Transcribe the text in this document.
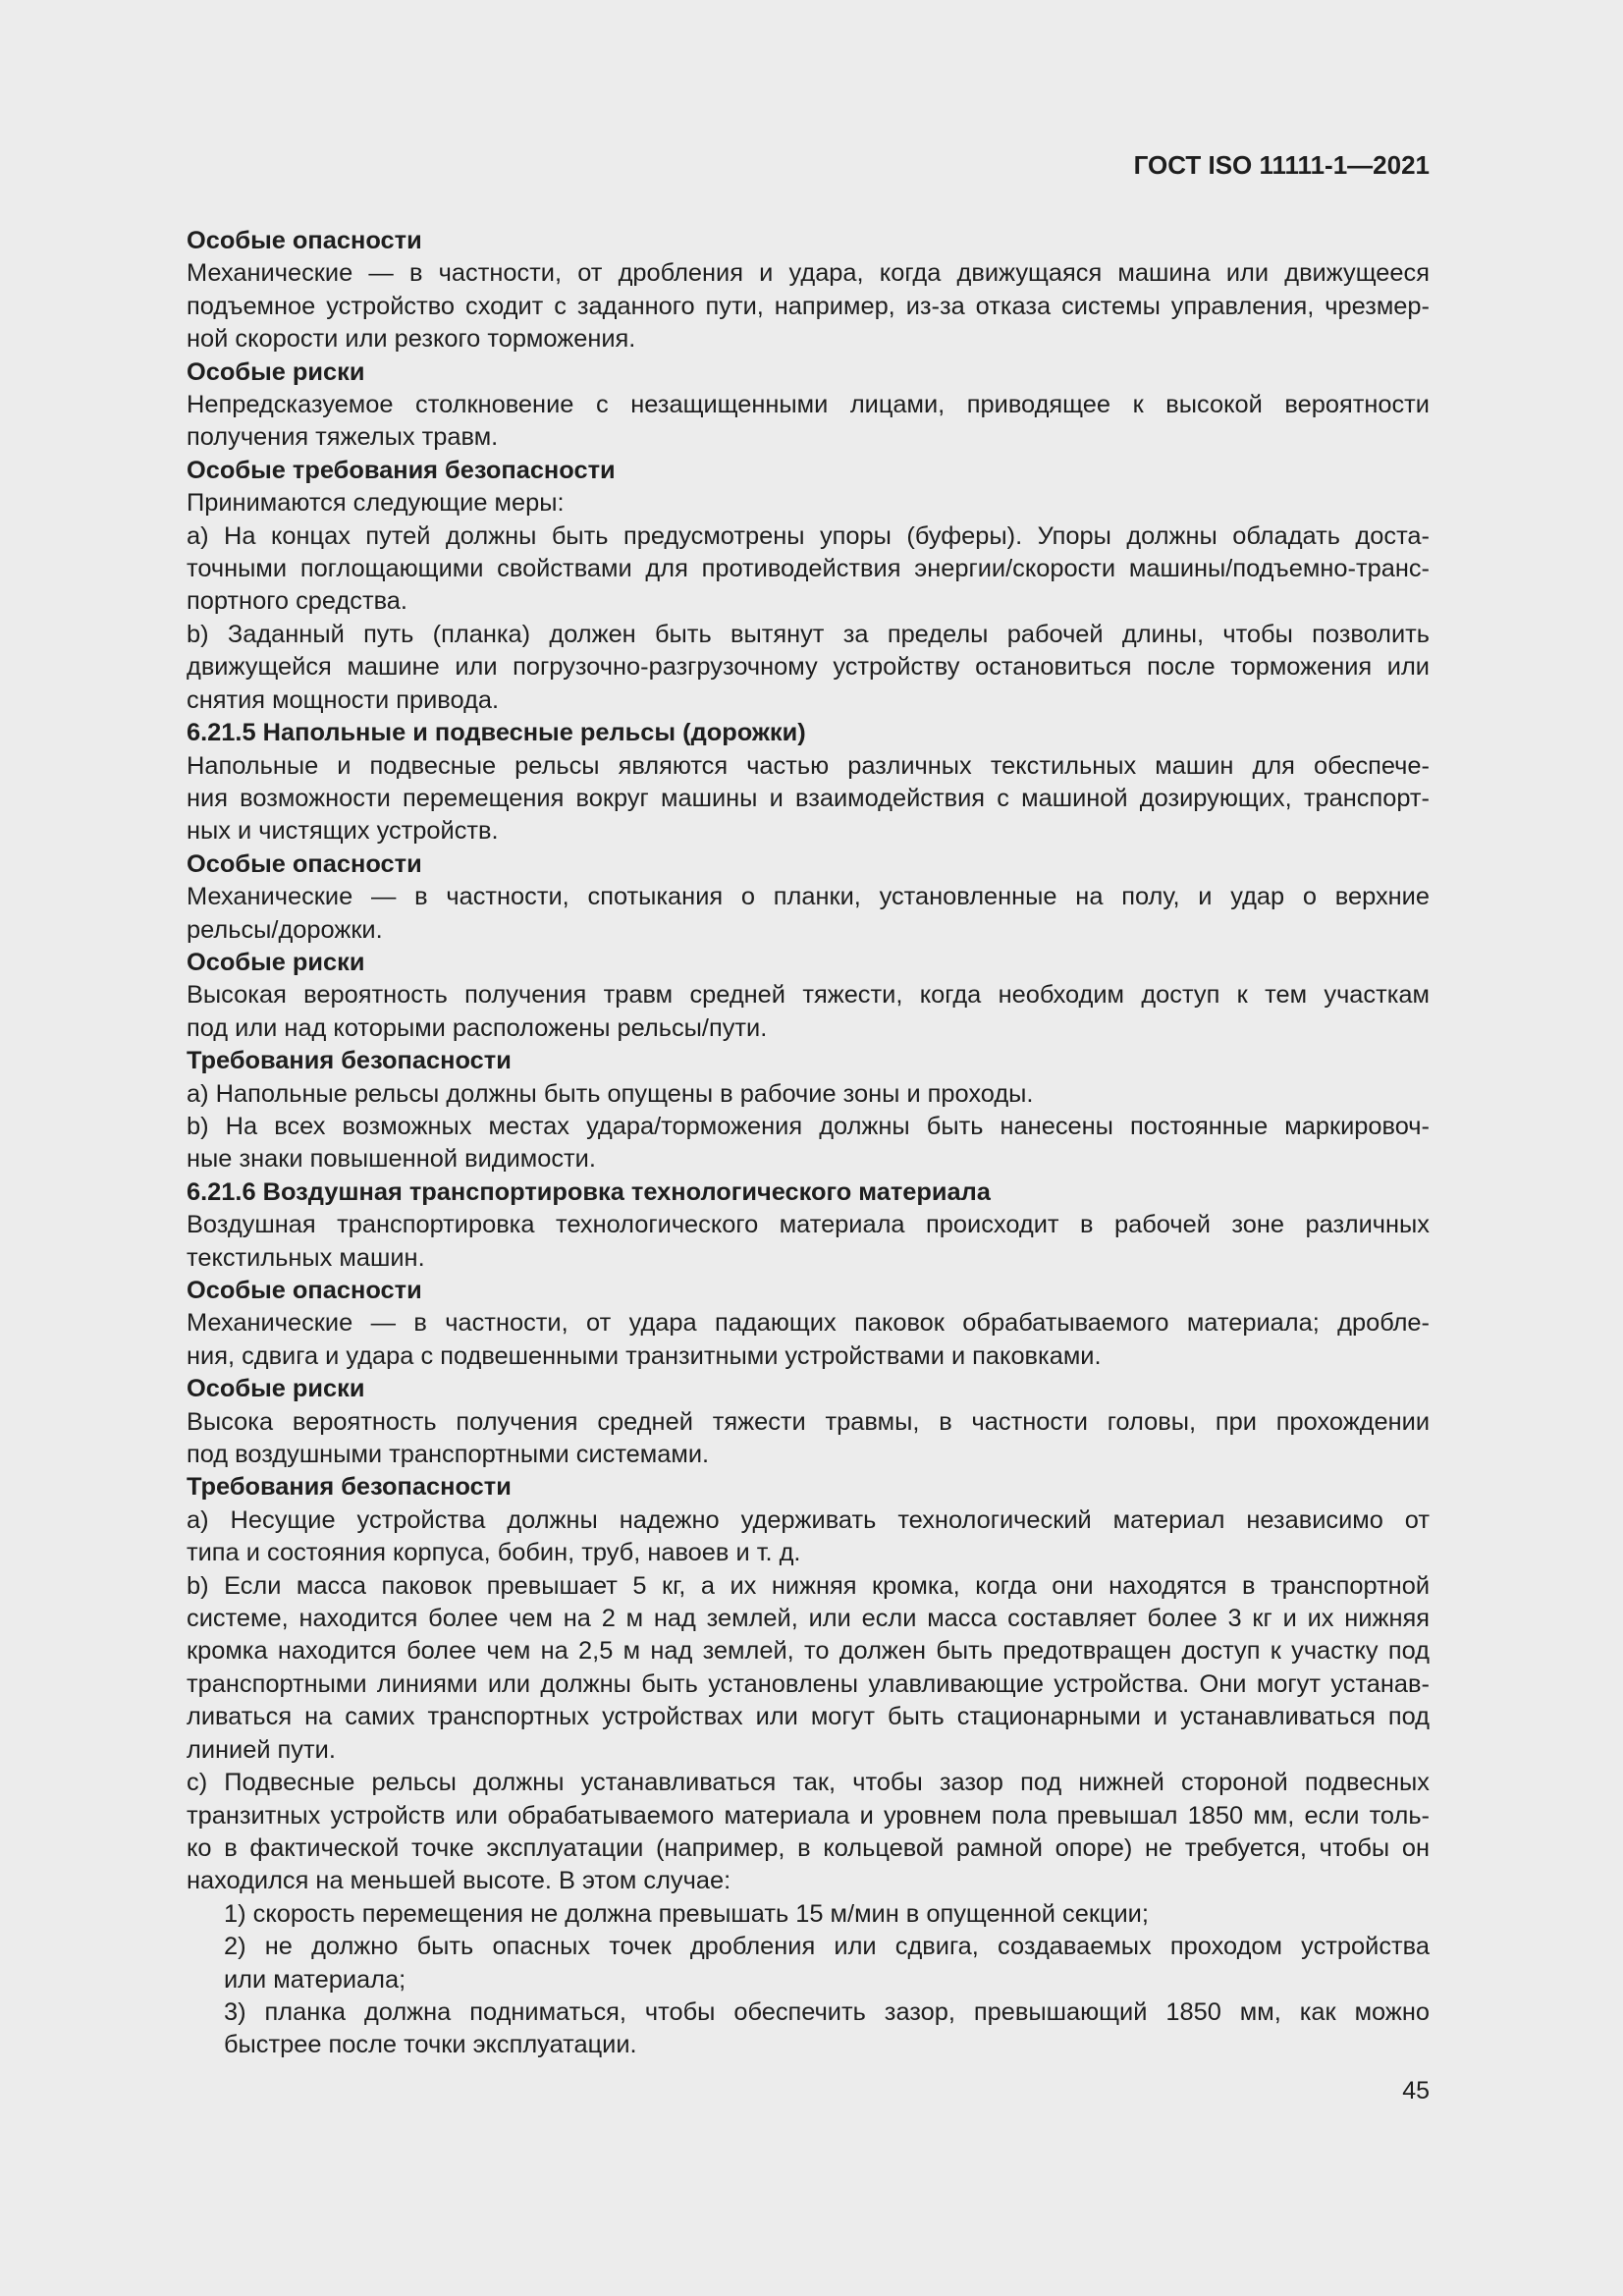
ГОСТ ISO 11111-1—2021
Особые опасности
Механические — в частности, от дробления и удара, когда движущаяся машина или движущееся
подъемное устройство сходит с заданного пути, например, из-за отказа системы управления, чрезмер-
ной скорости или резкого торможения.
Особые риски
Непредсказуемое столкновение с незащищенными лицами, приводящее к высокой вероятности
получения тяжелых травм.
Особые требования безопасности
Принимаются следующие меры:
a) На концах путей должны быть предусмотрены упоры (буферы). Упоры должны обладать доста-
точными поглощающими свойствами для противодействия энергии/скорости машины/подъемно-транс-
портного средства.
b) Заданный путь (планка) должен быть вытянут за пределы рабочей длины, чтобы позволить
движущейся машине или погрузочно-разгрузочному устройству остановиться после торможения или
снятия мощности привода.
6.21.5 Напольные и подвесные рельсы (дорожки)
Напольные и подвесные рельсы являются частью различных текстильных машин для обеспече-
ния возможности перемещения вокруг машины и взаимодействия с машиной дозирующих, транспорт-
ных и чистящих устройств.
Особые опасности
Механические — в частности, спотыкания о планки, установленные на полу, и удар о верхние
рельсы/дорожки.
Особые риски
Высокая вероятность получения травм средней тяжести, когда необходим доступ к тем участкам
под или над которыми расположены рельсы/пути.
Требования безопасности
a) Напольные рельсы должны быть опущены в рабочие зоны и проходы.
b) На всех возможных местах удара/торможения должны быть нанесены постоянные маркировоч-
ные знаки повышенной видимости.
6.21.6 Воздушная транспортировка технологического материала
Воздушная транспортировка технологического материала происходит в рабочей зоне различных
текстильных машин.
Особые опасности
Механические — в частности, от удара падающих паковок обрабатываемого материала; дробле-
ния, сдвига и удара с подвешенными транзитными устройствами и паковками.
Особые риски
Высока вероятность получения средней тяжести травмы, в частности головы, при прохождении
под воздушными транспортными системами.
Требования безопасности
a) Несущие устройства должны надежно удерживать технологический материал независимо от
типа и состояния корпуса, бобин, труб, навоев и т. д.
b) Если масса паковок превышает 5 кг, а их нижняя кромка, когда они находятся в транспортной
системе, находится более чем на 2 м над землей, или если масса составляет более 3 кг и их нижняя
кромка находится более чем на 2,5 м над землей, то должен быть предотвращен доступ к участку под
транспортными линиями или должны быть установлены улавливающие устройства. Они могут устанав-
ливаться на самих транспортных устройствах или могут быть стационарными и устанавливаться под
линией пути.
c) Подвесные рельсы должны устанавливаться так, чтобы зазор под нижней стороной подвесных
транзитных устройств или обрабатываемого материала и уровнем пола превышал 1850 мм, если толь-
ко в фактической точке эксплуатации (например, в кольцевой рамной опоре) не требуется, чтобы он
находился на меньшей высоте. В этом случае:
1) скорость перемещения не должна превышать 15 м/мин в опущенной секции;
2) не должно быть опасных точек дробления или сдвига, создаваемых проходом устройства
или материала;
3) планка должна подниматься, чтобы обеспечить зазор, превышающий 1850 мм, как можно
быстрее после точки эксплуатации.
45
